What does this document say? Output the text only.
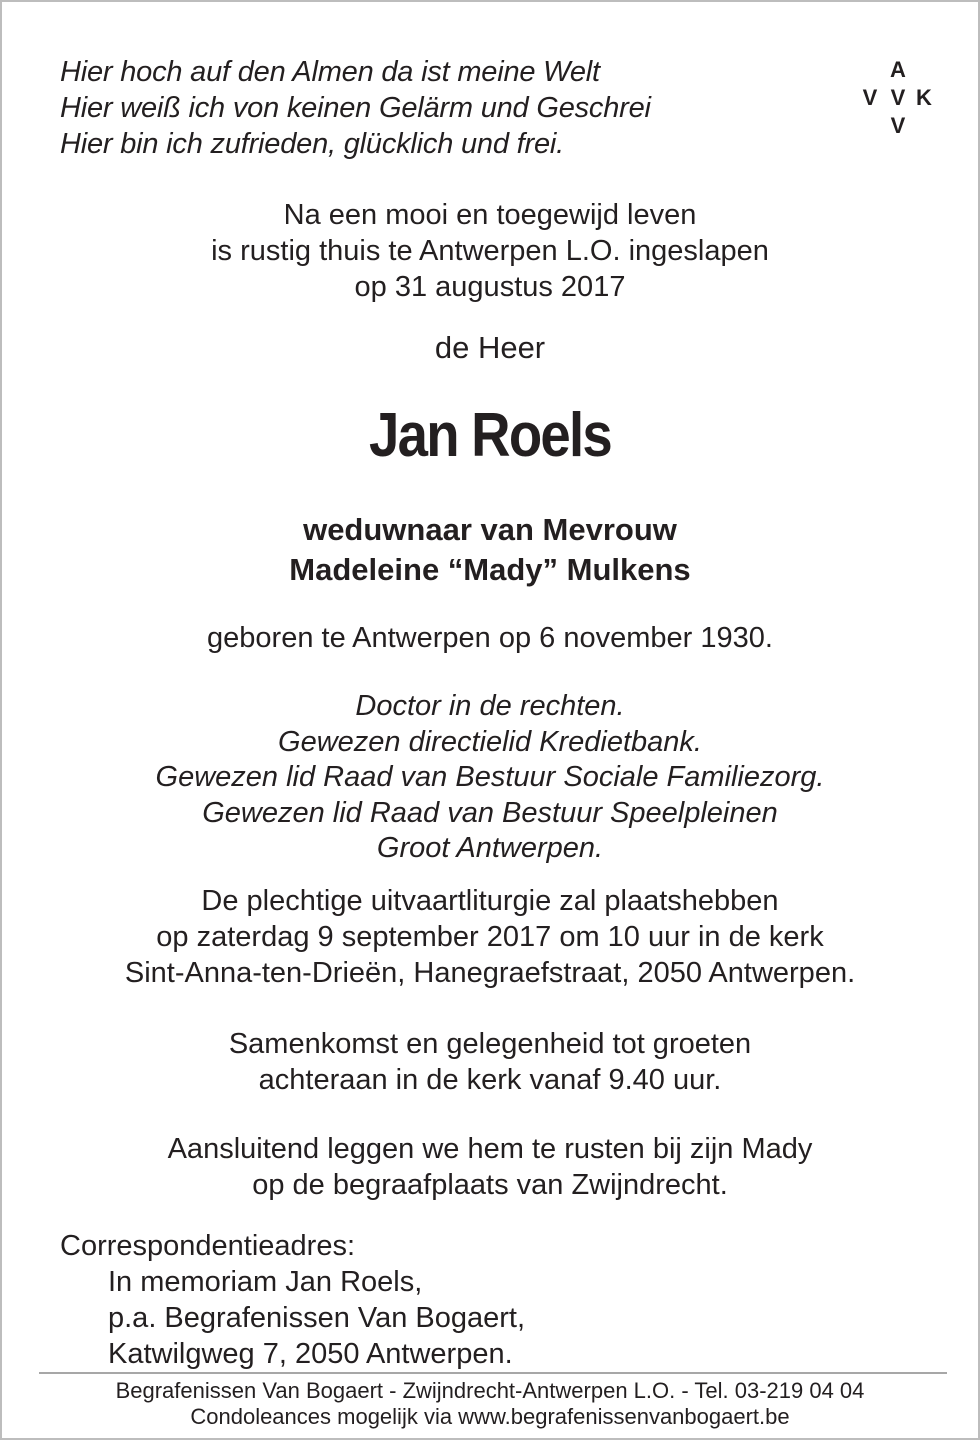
Hier hoch auf den Almen da ist meine Welt
Hier weiß ich von keinen Gelärm und Geschrei
Hier bin ich zufrieden, glücklich und frei.
A
V V K
V
Na een mooi en toegewijd leven
is rustig thuis te Antwerpen L.O. ingeslapen
op 31 augustus 2017
de Heer
Jan Roels
weduwnaar van Mevrouw
Madeleine “Mady” Mulkens
geboren te Antwerpen op 6 november 1930.
Doctor in de rechten.
Gewezen directielid Kredietbank.
Gewezen lid Raad van Bestuur Sociale Familiezorg.
Gewezen lid Raad van Bestuur Speelpleinen
Groot Antwerpen.
De plechtige uitvaartliturgie zal plaatshebben
op zaterdag 9 september 2017 om 10 uur in de kerk
Sint-Anna-ten-Drieën, Hanegraefstraat, 2050 Antwerpen.
Samenkomst en gelegenheid tot groeten
achteraan in de kerk vanaf 9.40 uur.
Aansluitend leggen we hem te rusten bij zijn Mady
op de begraafplaats van Zwijndrecht.
Correspondentieadres:
In memoriam Jan Roels,
p.a. Begrafenissen Van Bogaert,
Katwilgweg 7, 2050 Antwerpen.
Begrafenissen Van Bogaert - Zwijndrecht-Antwerpen L.O. - Tel. 03-219 04 04
Condoleances mogelijk via www.begrafenissenvanbogaert.be
